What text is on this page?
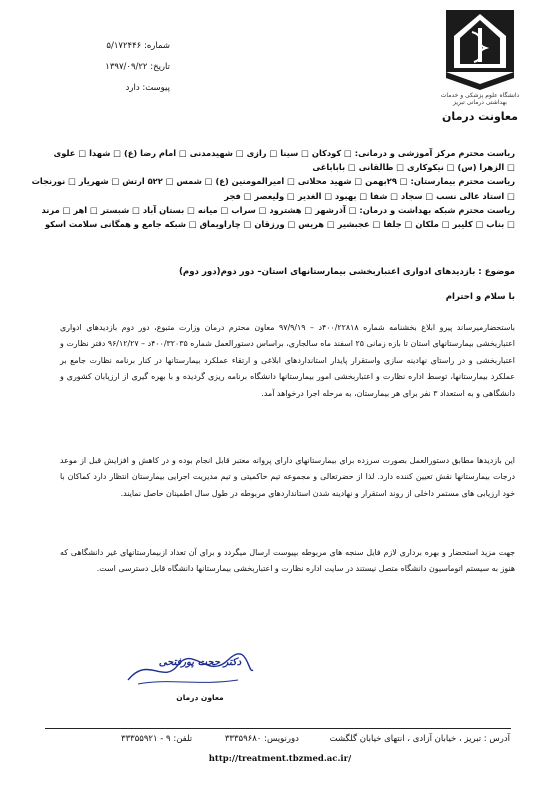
شماره: ۵/۱۷۲۴۴۶
تاریخ: ۱۳۹۷/۰۹/۲۲
پیوست: دارد
دانشگاه علوم پزشکی و خدمات بهداشتی درمانی تبریز
معاونت درمان
ریاست محترم مرکز آموزشی و درمانی: □ کودکان □ سینا □ رازی □ شهیدمدنی □ امام رضا (ع) □ شهدا □ علوی
□ الزهرا (س) □ نیکوکاری □ طالقانی □ باباباغی
ریاست محترم بیمارستان: □ ۲۹بهمن □ شهید محلاتی □ امیرالمومنین (ع) □ شمس □ ۵۲۲ ارتش □ شهریار □ نورنجات
□ استاد عالی نسب □ سجاد □ شفا □ بهبود □ الغدیر □ ولیعصر □ فجر
ریاست محترم شبکه بهداشت و درمان: □ آذرشهر □ هشترود □ سراب □ میانه □ بستان آباد □ شبستر □ اهر □ مرند
□ بناب □ کلیبر □ ملکان □ جلفا □ عجبشیر □ هریس □ ورزقان □ چاراویماق □ شبکه جامع و همگانی سلامت اسکو
موضوع : بازدیدهای ادواری اعتباربخشی بیمارستانهای استان– دور دوم(دور دوم)
با سلام و احترام
باستحضارمیرساند پیرو ابلاغ بخشنامه شماره ۴۰۰/۲۲۸۱۸د – ۹۷/۹/۱۹ معاون محترم درمان وزارت متبوع، دور دوم بازدیدهای ادواری اعتباربخشی بیمارستانهای استان تا بازه زمانی ۲۵ اسفند ماه سالجاری، براساس دستورالعمل شماره ۴۰۰/۳۲۰۳۵د – ۹۶/۱۲/۲۷ دفتر نظارت و اعتباربخشی و در راستای نهادینه سازی واستقرار پایدار استانداردهای ابلاغی و ارتقاء عملکرد بیمارستانها در کنار برنامه نظارت جامع بر عملکرد بیمارستانها، توسط اداره نظارت و اعتباربخشی امور بیمارستانها دانشگاه برنامه ریزی گردیده و با بهره گیری از ارزیابان کشوری و دانشگاهی و به استعداد ۳ نفر برای هر بیمارستان، به مرحله اجرا درخواهد آمد.
این بازدیدها مطابق دستورالعمل بصورت سرزده برای بیمارستانهای دارای پروانه معتبر قابل انجام بوده و در کاهش و افزایش قبل از موعد درجات بیمارستانها نقش تعیین کننده دارد. لذا از حضرتعالی و مجموعه تیم حاکمیتی و تیم مدیریت اجرایی بیمارستان انتظار دارد کماکان با خود ارزیابی های مستمر داخلی از روند استقرار و نهادینه شدن استانداردهای مربوطه در طول سال اطمینان حاصل نمایند.
جهت مزید استحضار و بهره برداری لازم فایل سنجه های مربوطه بپیوست ارسال میگردد و برای آن تعداد ازبیمارستانهای غیر دانشگاهی که هنوز به سیستم اتوماسیون دانشگاه متصل نیستند در سایت اداره نظارت و اعتباربخشی بیمارستانها دانشگاه قابل دسترسی است.
دکتر حجت پورفتحی
معاون درمان
آدرس : تبریز ، خیابان آزادی ، انتهای خیابان گلگشت دورنویس: ۳۳۳۵۹۶۸۰ تلفن: ۹ - ۳۳۳۵۵۹۲۱
http://treatment.tbzmed.ac.ir/
